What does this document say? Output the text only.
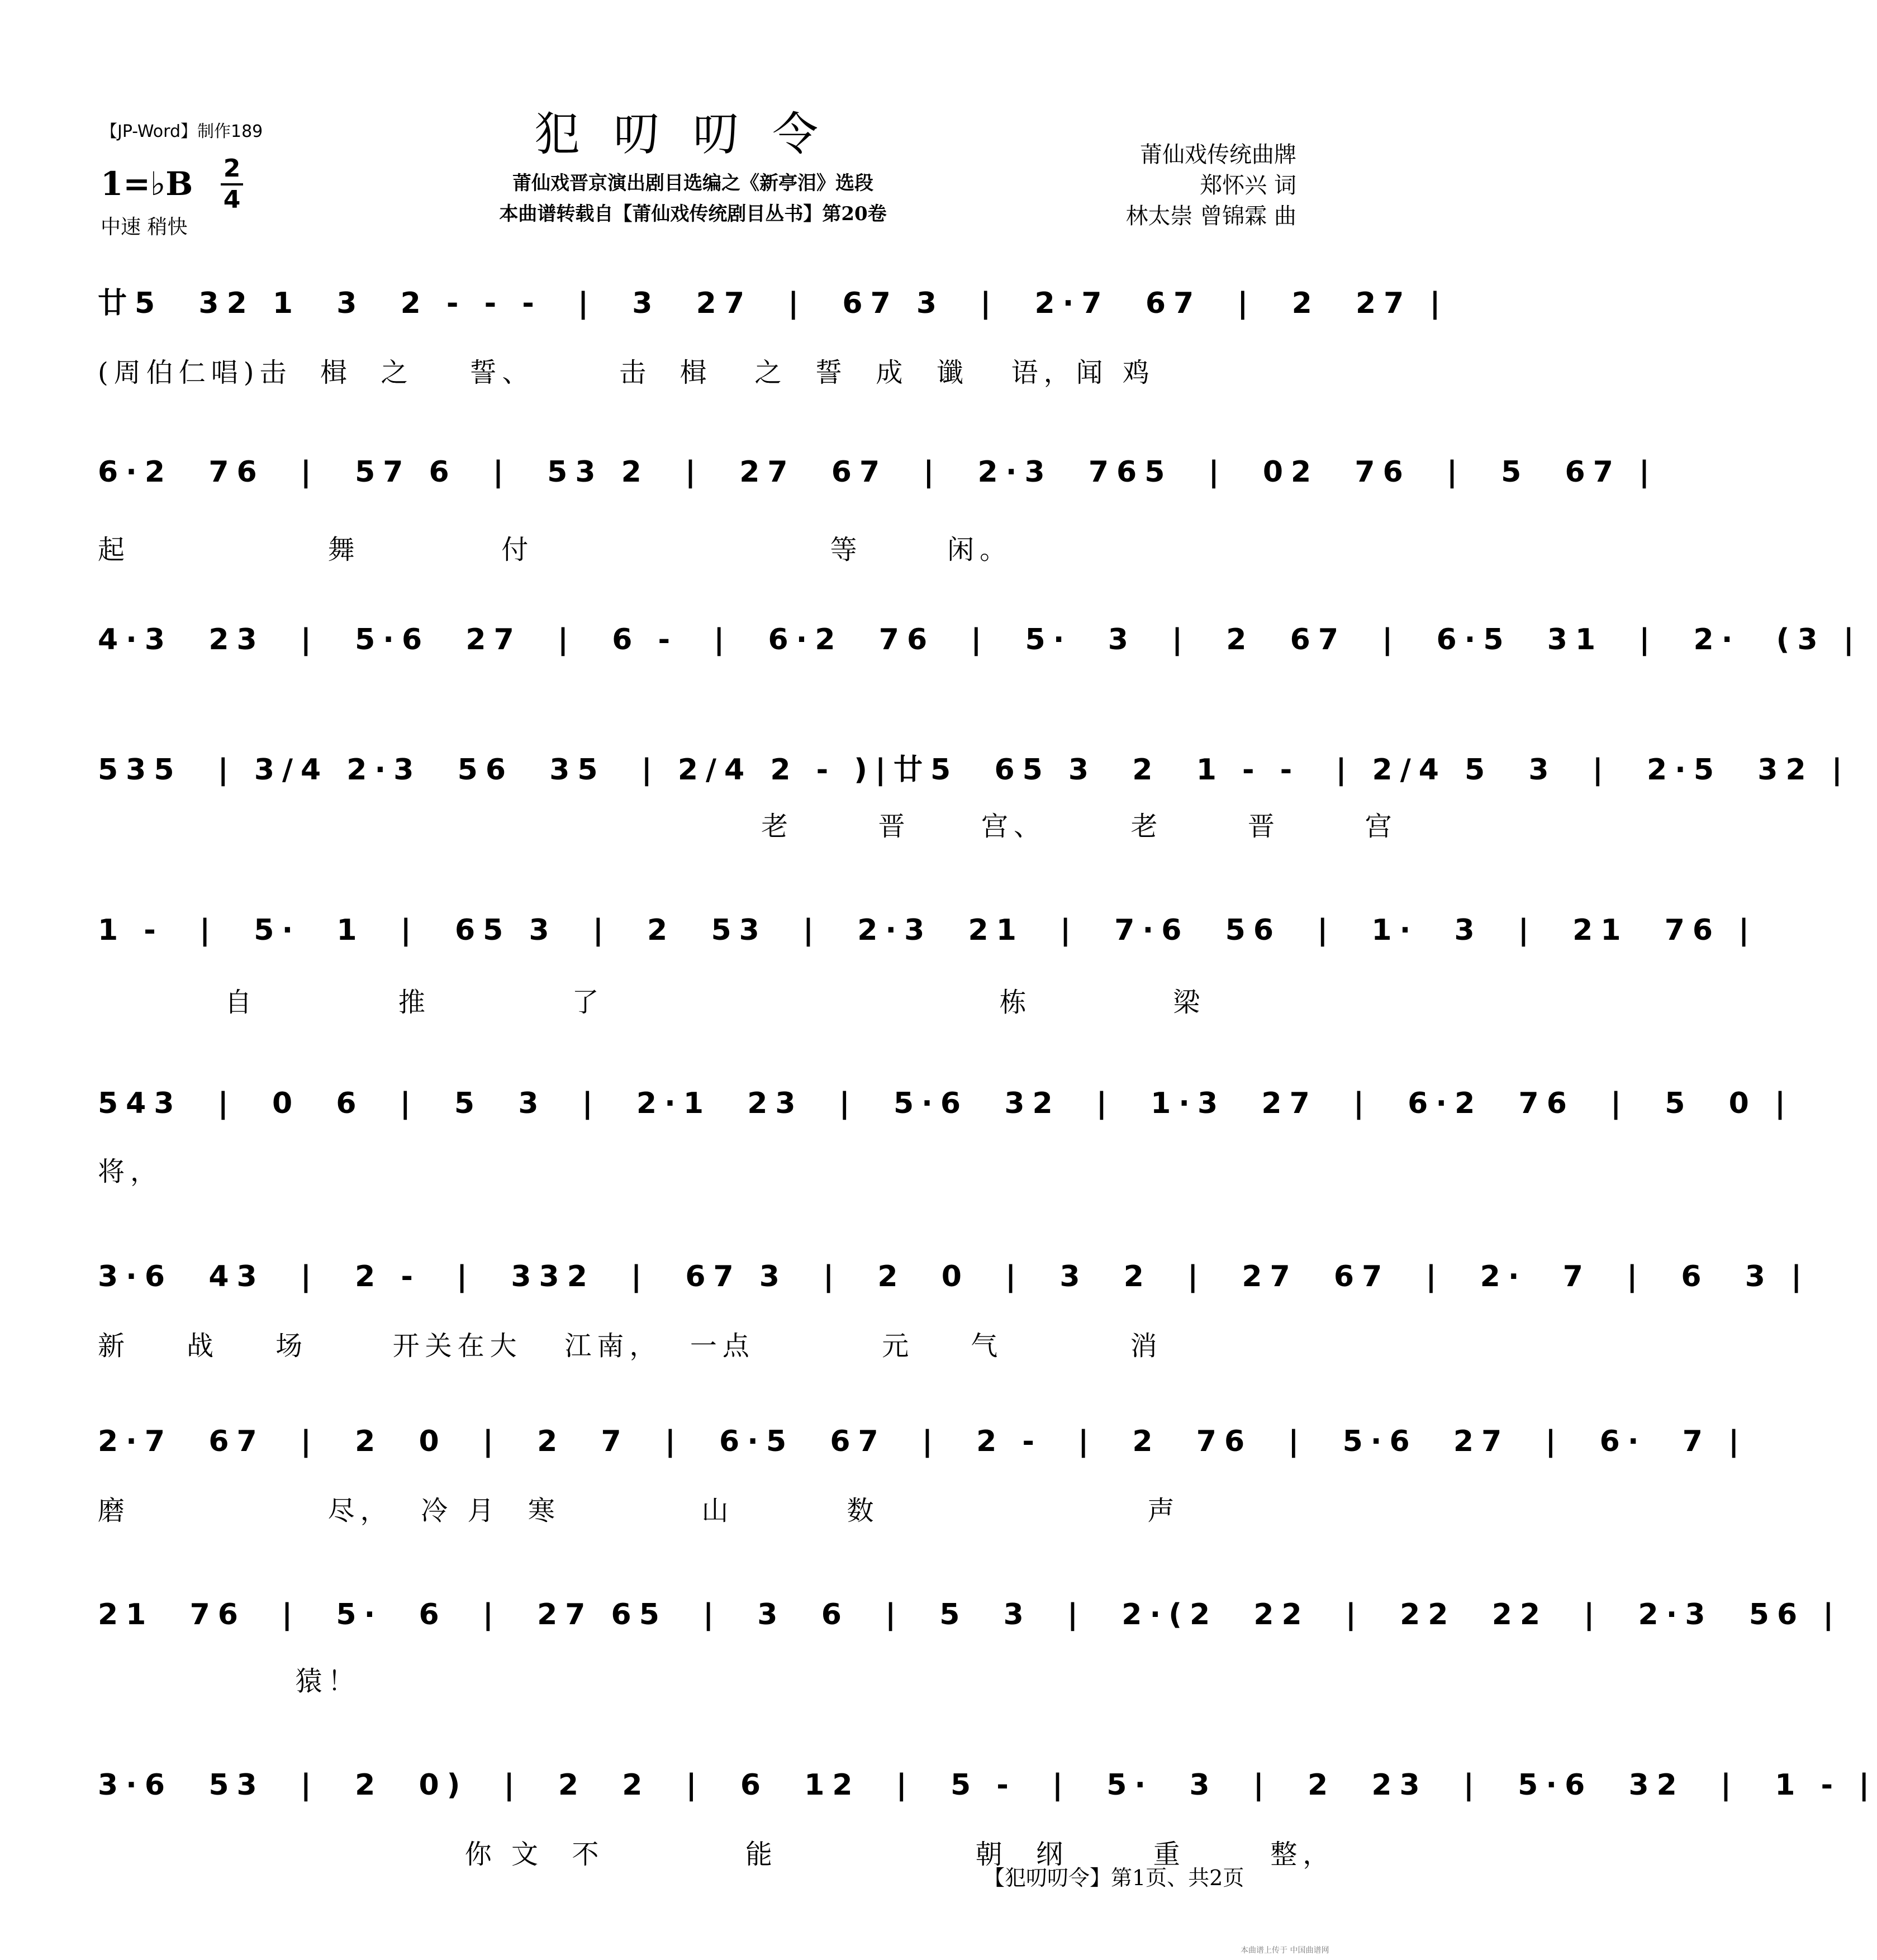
【JP-Word】制作189	犯叨叨令
莆仙戏晋京演出剧目选编之《新亭泪》选段
本曲谱转载自【莆仙戏传统剧目丛书】第20卷
1=♭B 2
4
中速 稍快
莆仙戏传统曲牌
郑怀兴 词
林太崇 曾锦霖 曲
廿5  32 1  3  2 - - -  |  3  27  |  67 3  |  2·7  67  |  2  27 |
(周伯仁唱)击  楫  之    誓、      击  楫   之  誓  成  谶   语，闻 鸡
6·2  76  |  57 6  |  53 2  |  27  67  |  2·3  765  |  02  76  |  5  67 |
起              舞          付                     等      闲。
4·3  23  |  5·6  27  |  6 -  |  6·2  76  |  5·  3  |  2  67  |  6·5  31  |  2·  (3 |
535  | 3/4 2·3  56  35  | 2/4 2 - )|廿5  65 3  2  1 - -  | 2/4 5  3  |  2·5  32 |
老      晋     宫、      老      晋      宫
1 -  |  5·  1  |  65 3  |  2  53  |  2·3  21  |  7·6  56  |  1·  3  |  21  76 |
自          推          了                            栋          梁
543  |  0  6  |  5  3  |  2·1  23  |  5·6  32  |  1·3  27  |  6·2  76  |  5  0 |
将，
3·6  43  |  2 -  |  332  |  67 3  |  2  0  |  3  2  |  27  67  |  2·  7  |  6  3 |
新    战    场      开关在大   江南，  一点         元    气         消
2·7  67  |  2  0  |  2  7  |  6·5  67  |  2 -  |  2  76  |  5·6  27  |  6·  7 |
磨              尽，  冷 月  寒          山        数                   声
21  76  |  5·  6  |  27 65  |  3  6  |  5  3  |  2·(2  22  |  22  22  |  2·3  56 |
猿！
3·6  53  |  2  0)  |  2  2  |  6  12  |  5 -  |  5·  3  |  2  23  |  5·6  32  |  1 - |
你 文  不          能              朝  纲      重      整，
【犯叨叨令】第1页、共2页
本曲谱上传于 中国曲谱网
